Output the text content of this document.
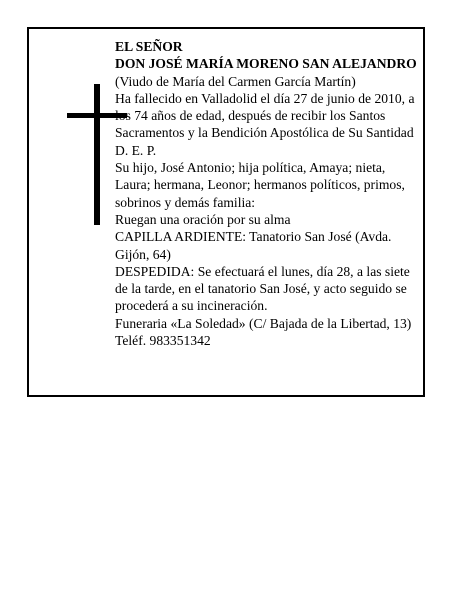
EL SEÑOR
DON JOSÉ MARÍA MORENO SAN ALEJANDRO
(Viudo de María del Carmen García Martín)
Ha fallecido en Valladolid el día 27 de junio de 2010, a
los 74 años de edad, después de recibir los Santos
Sacramentos y la Bendición Apostólica de Su Santidad
D. E. P.
Su hijo, José Antonio; hija política, Amaya; nieta,
Laura; hermana, Leonor; hermanos políticos, primos,
sobrinos y demás familia:
Ruegan una oración por su alma
CAPILLA ARDIENTE: Tanatorio San José (Avda.
Gijón, 64)
DESPEDIDA: Se efectuará el lunes, día 28, a las siete
de la tarde, en el tanatorio San José, y acto seguido se
procederá a su incineración.
Funeraria «La Soledad» (C/ Bajada de la Libertad, 13)
Teléf. 983351342
